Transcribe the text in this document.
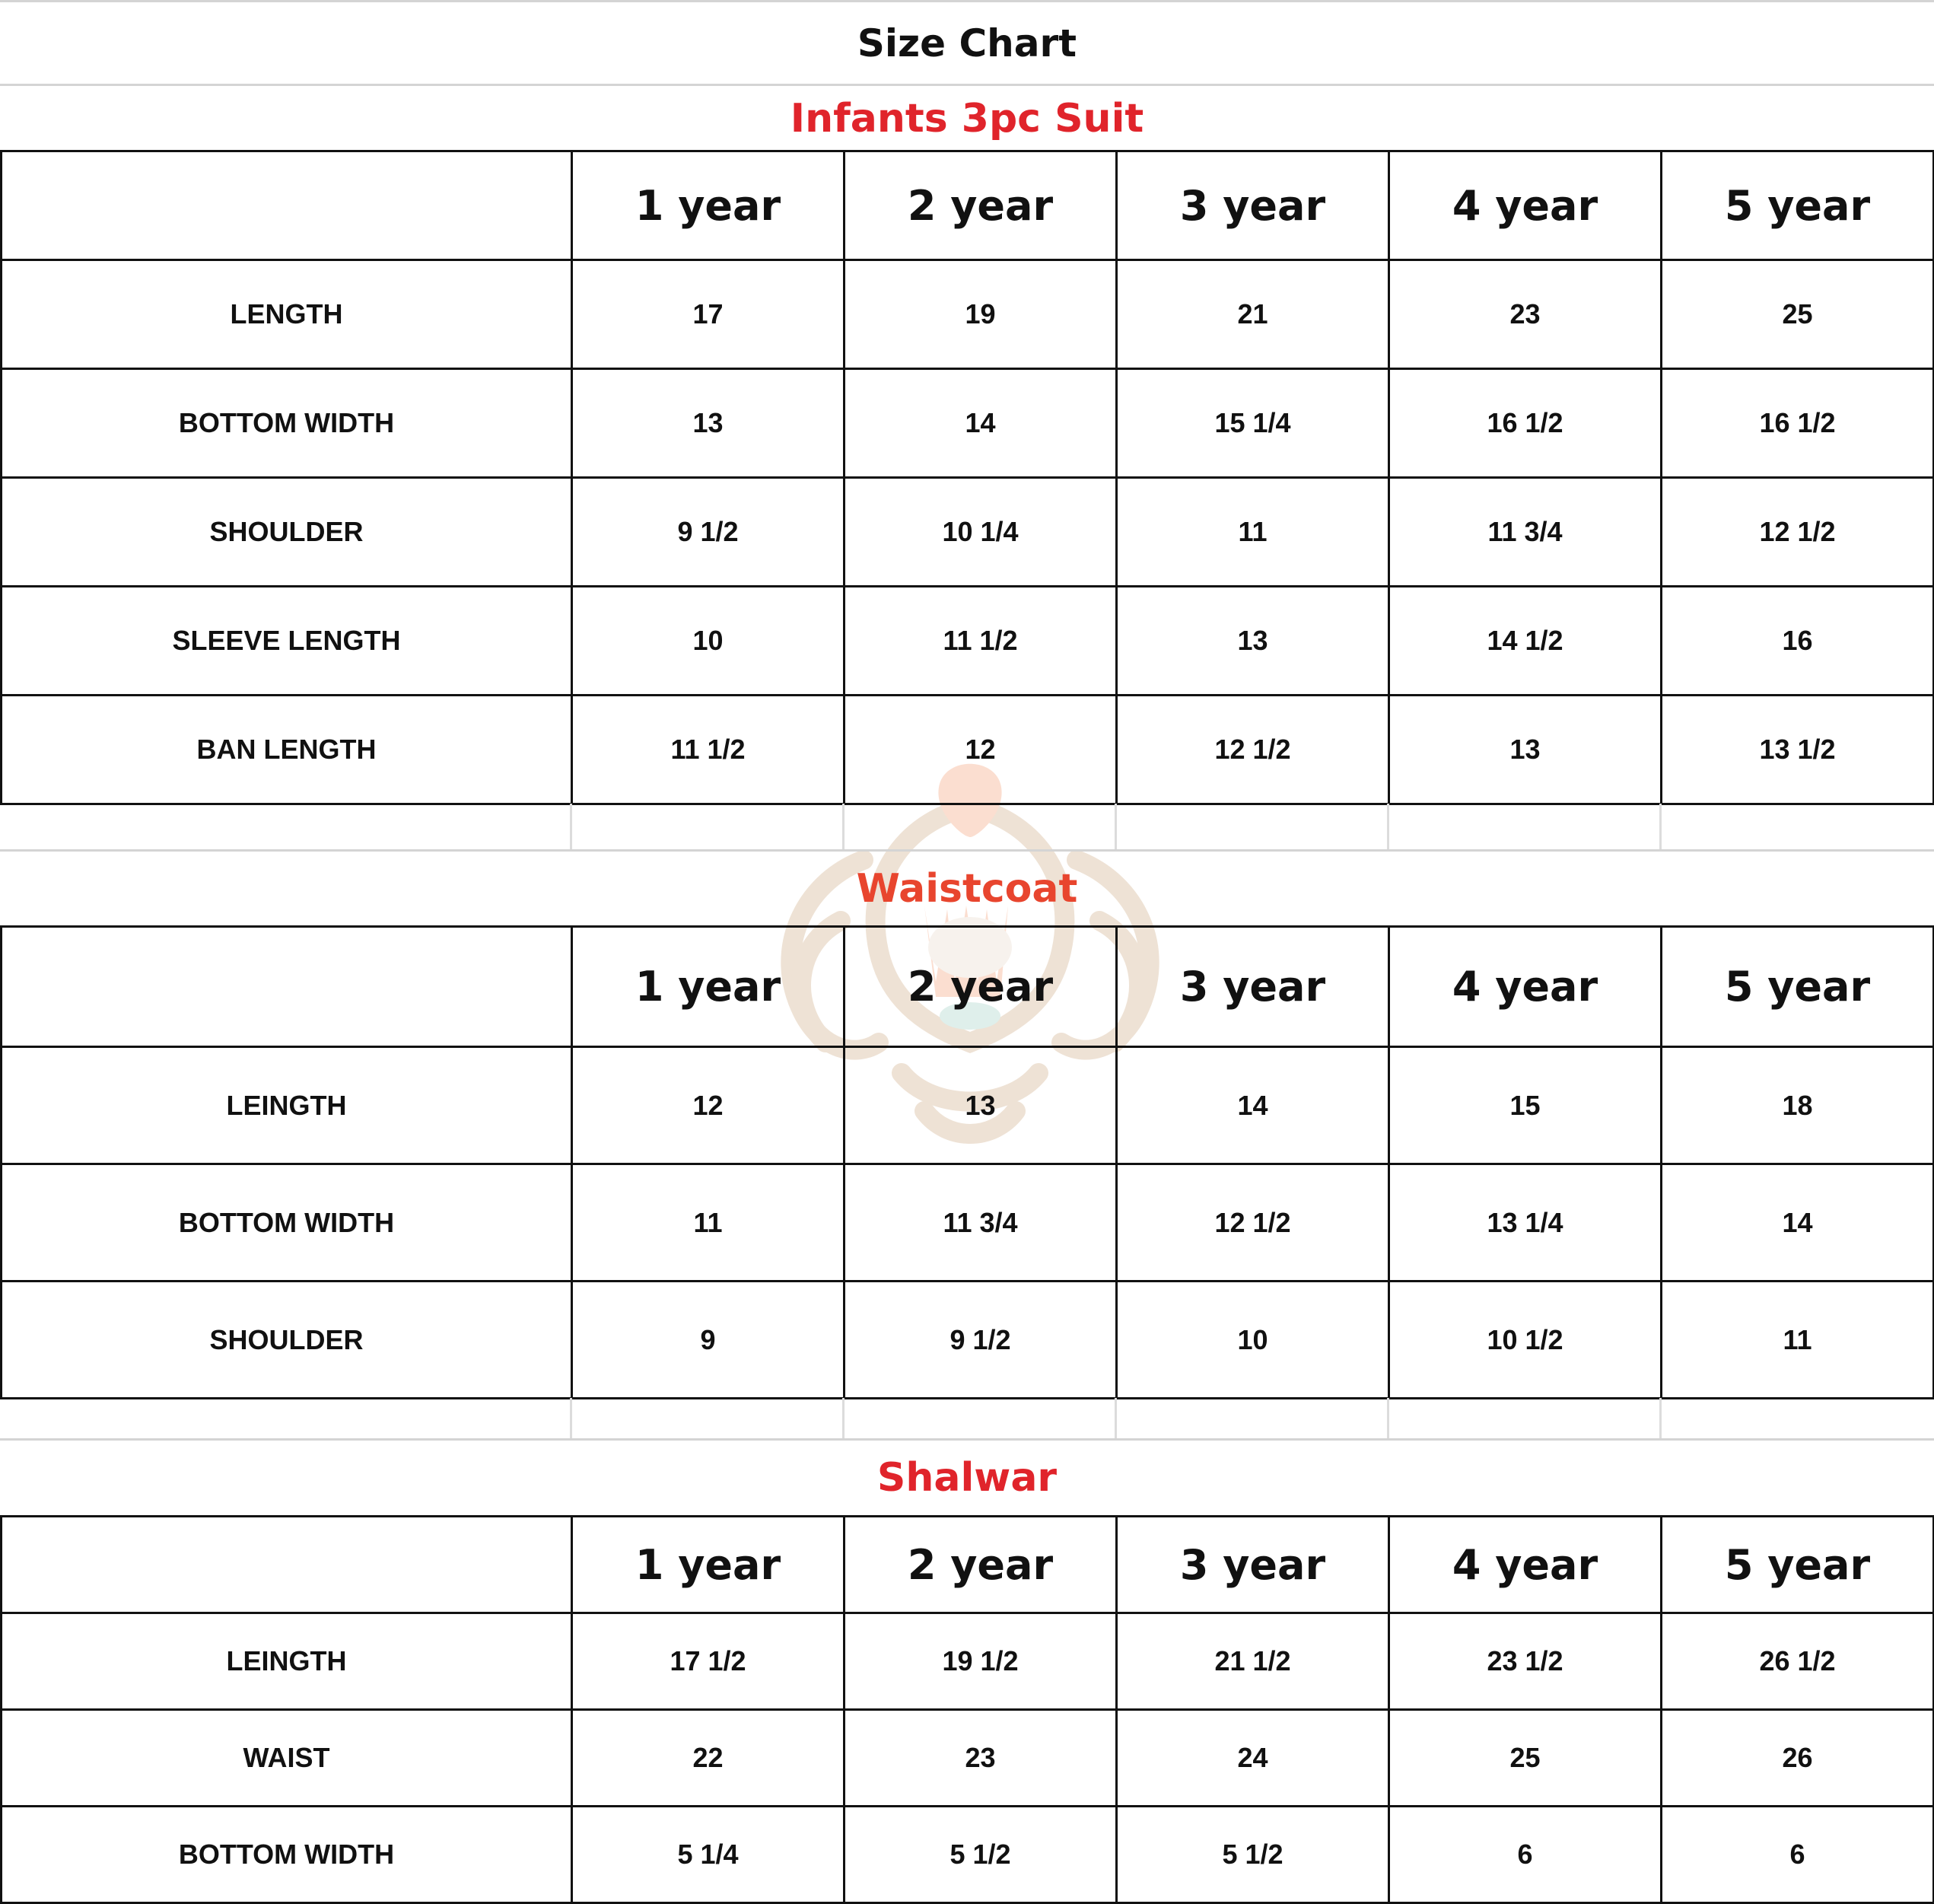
Size Chart
Infants 3pc Suit
	1 year	2 year	3 year	4 year	5 year
LENGTH	17	19	21	23	25
BOTTOM WIDTH	13	14	15 1/4	16 1/2	16 1/2
SHOULDER	9 1/2	10 1/4	11	11 3/4	12 1/2
SLEEVE LENGTH	10	11 1/2	13	14 1/2	16
BAN LENGTH	11 1/2	12	12 1/2	13	13 1/2
Waistcoat
	1 year	2 year	3 year	4 year	5 year
LEINGTH	12	13	14	15	18
BOTTOM WIDTH	11	11 3/4	12 1/2	13 1/4	14
SHOULDER	9	9 1/2	10	10 1/2	11
Shalwar
	1 year	2 year	3 year	4 year	5 year
LEINGTH	17 1/2	19 1/2	21 1/2	23 1/2	26 1/2
WAIST	22	23	24	25	26
BOTTOM WIDTH	5 1/4	5 1/2	5 1/2	6	6
